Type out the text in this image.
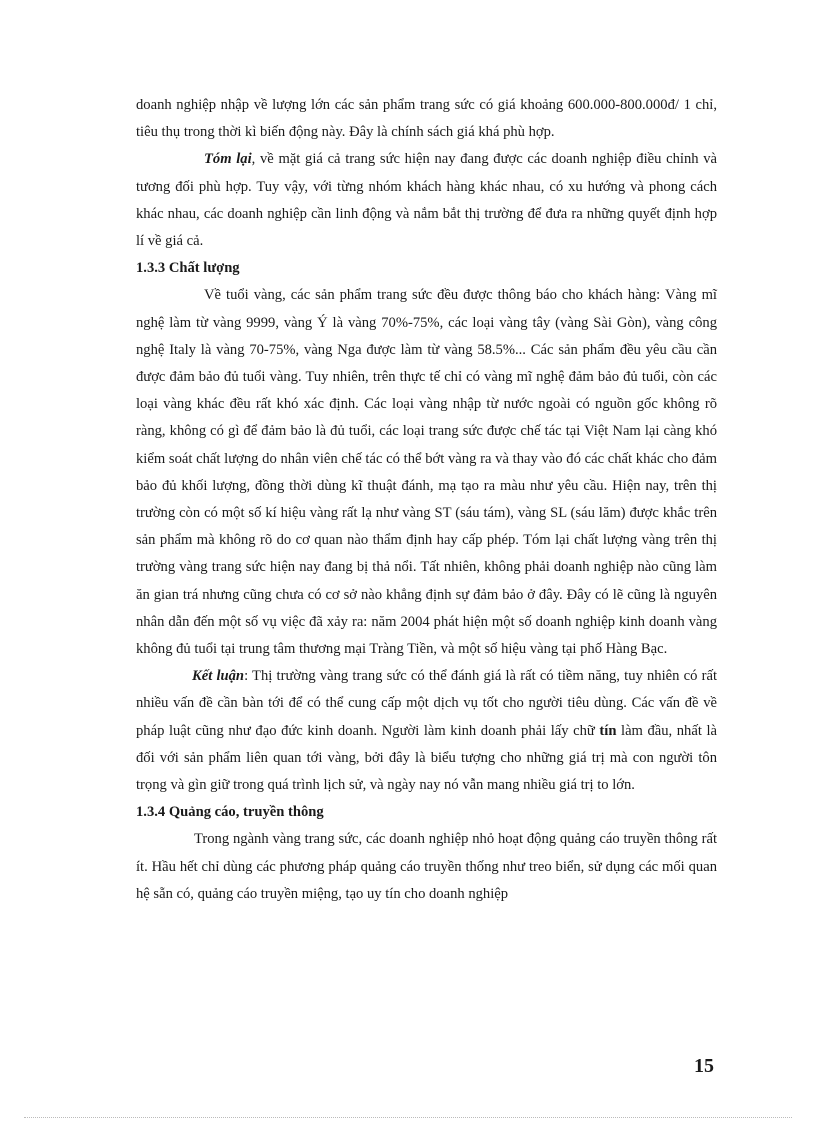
doanh nghiệp nhập về lượng lớn các sản phẩm trang sức có giá khoảng 600.000-800.000đ/ 1 chỉ, tiêu thụ trong thời kì biến động này. Đây là chính sách giá khá phù hợp.

Tóm lại, về mặt giá cả trang sức hiện nay đang được các doanh nghiệp điều chỉnh và tương đối phù hợp. Tuy vậy, với từng nhóm khách hàng khác nhau, có xu hướng và phong cách khác nhau, các doanh nghiệp cần linh động và nắm bắt thị trường để đưa ra những quyết định hợp lí về giá cả.

1.3.3 Chất lượng

Về tuổi vàng, các sản phẩm trang sức đều được thông báo cho khách hàng: Vàng mĩ nghệ làm từ vàng 9999, vàng Ý là vàng 70%-75%, các loại vàng tây (vàng Sài Gòn), vàng công nghệ Italy là vàng 70-75%, vàng Nga được làm từ vàng 58.5%... Các sản phẩm đều yêu cầu cần được đảm bảo đủ tuổi vàng. Tuy nhiên, trên thực tế chỉ có vàng mĩ nghệ đảm bảo đủ tuổi, còn các loại vàng khác đều rất khó xác định. Các loại vàng nhập từ nước ngoài có nguồn gốc không rõ ràng, không có gì để đảm bảo là đủ tuổi, các loại trang sức được chế tác tại Việt Nam lại càng khó kiểm soát chất lượng do nhân viên chế tác có thể bớt vàng ra và thay vào đó các chất khác cho đảm bảo đủ khối lượng, đồng thời dùng kĩ thuật đánh, mạ tạo ra màu như yêu cầu. Hiện nay, trên thị trường còn có một số kí hiệu vàng rất lạ như vàng ST (sáu tám), vàng SL (sáu lăm) được khắc trên sản phẩm mà không rõ do cơ quan nào thẩm định hay cấp phép. Tóm lại chất lượng vàng trên thị trường vàng trang sức hiện nay đang bị thả nổi. Tất nhiên, không phải doanh nghiệp nào cũng làm ăn gian trá nhưng cũng chưa có cơ sở nào khẳng định sự đảm bảo ở đây. Đây có lẽ cũng là nguyên nhân dẫn đến một số vụ việc đã xảy ra: năm 2004 phát hiện một số doanh nghiệp kinh doanh vàng không đủ tuổi tại trung tâm thương mại Tràng Tiền, và một số hiệu vàng tại phố Hàng Bạc.

Kết luận: Thị trường vàng trang sức có thể đánh giá là rất có tiềm năng, tuy nhiên có rất nhiều vấn đề cần bàn tới để có thể cung cấp một dịch vụ tốt cho người tiêu dùng. Các vấn đề về pháp luật cũng như đạo đức kinh doanh. Người làm kinh doanh phải lấy chữ tín làm đầu, nhất là đối với sản phẩm liên quan tới vàng, bởi đây là biểu tượng cho những giá trị mà con người tôn trọng và gìn giữ trong quá trình lịch sử, và ngày nay nó vẫn mang nhiều giá trị to lớn.

1.3.4 Quảng cáo, truyền thông

Trong ngành vàng trang sức, các doanh nghiệp nhỏ hoạt động quảng cáo truyền thông rất ít. Hầu hết chỉ dùng các phương pháp quảng cáo truyền thống như treo biển, sử dụng các mối quan hệ sẵn có, quảng cáo truyền miệng, tạo uy tín cho doanh nghiệp

15
